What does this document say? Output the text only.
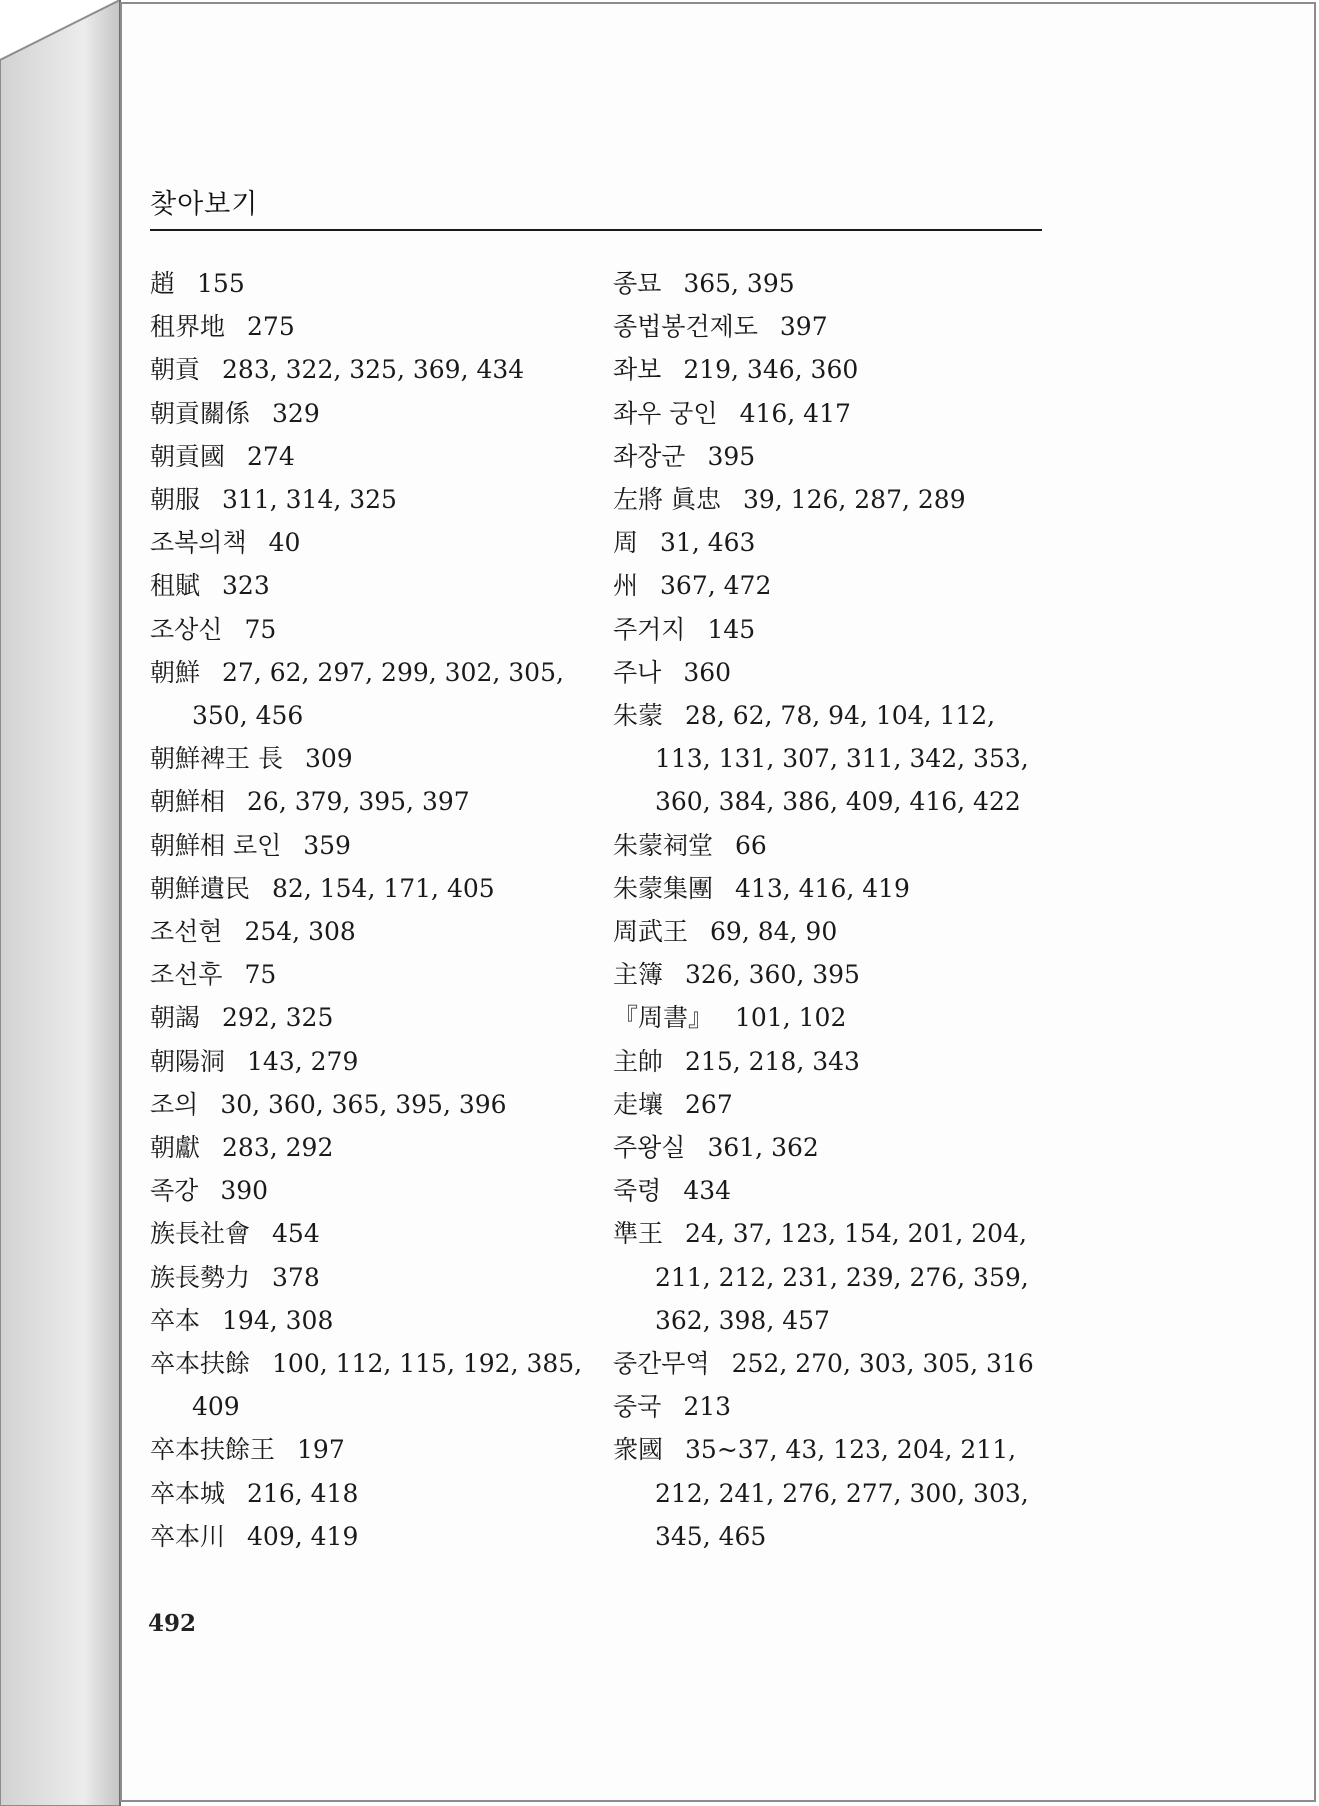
찾아보기
趙 155
租界地 275
朝貢 283, 322, 325, 369, 434
朝貢關係 329
朝貢國 274
朝服 311, 314, 325
조복의책 40
租賦 323
조상신 75
朝鮮 27, 62, 297, 299, 302, 305,
350, 456
朝鮮裨王 長 309
朝鮮相 26, 379, 395, 397
朝鮮相 로인 359
朝鮮遺民 82, 154, 171, 405
조선현 254, 308
조선후 75
朝謁 292, 325
朝陽洞 143, 279
조의 30, 360, 365, 395, 396
朝獻 283, 292
족강 390
族長社會 454
族長勢力 378
卒本 194, 308
卒本扶餘 100, 112, 115, 192, 385,
409
卒本扶餘王 197
卒本城 216, 418
卒本川 409, 419
종묘 365, 395
종법봉건제도 397
좌보 219, 346, 360
좌우 궁인 416, 417
좌장군 395
左將 眞忠 39, 126, 287, 289
周 31, 463
州 367, 472
주거지 145
주나 360
朱蒙 28, 62, 78, 94, 104, 112,
113, 131, 307, 311, 342, 353,
360, 384, 386, 409, 416, 422
朱蒙祠堂 66
朱蒙集團 413, 416, 419
周武王 69, 84, 90
主簿 326, 360, 395
『周書』 101, 102
主帥 215, 218, 343
走壤 267
주왕실 361, 362
죽령 434
準王 24, 37, 123, 154, 201, 204,
211, 212, 231, 239, 276, 359,
362, 398, 457
중간무역 252, 270, 303, 305, 316
중국 213
衆國 35~37, 43, 123, 204, 211,
212, 241, 276, 277, 300, 303,
345, 465
492
